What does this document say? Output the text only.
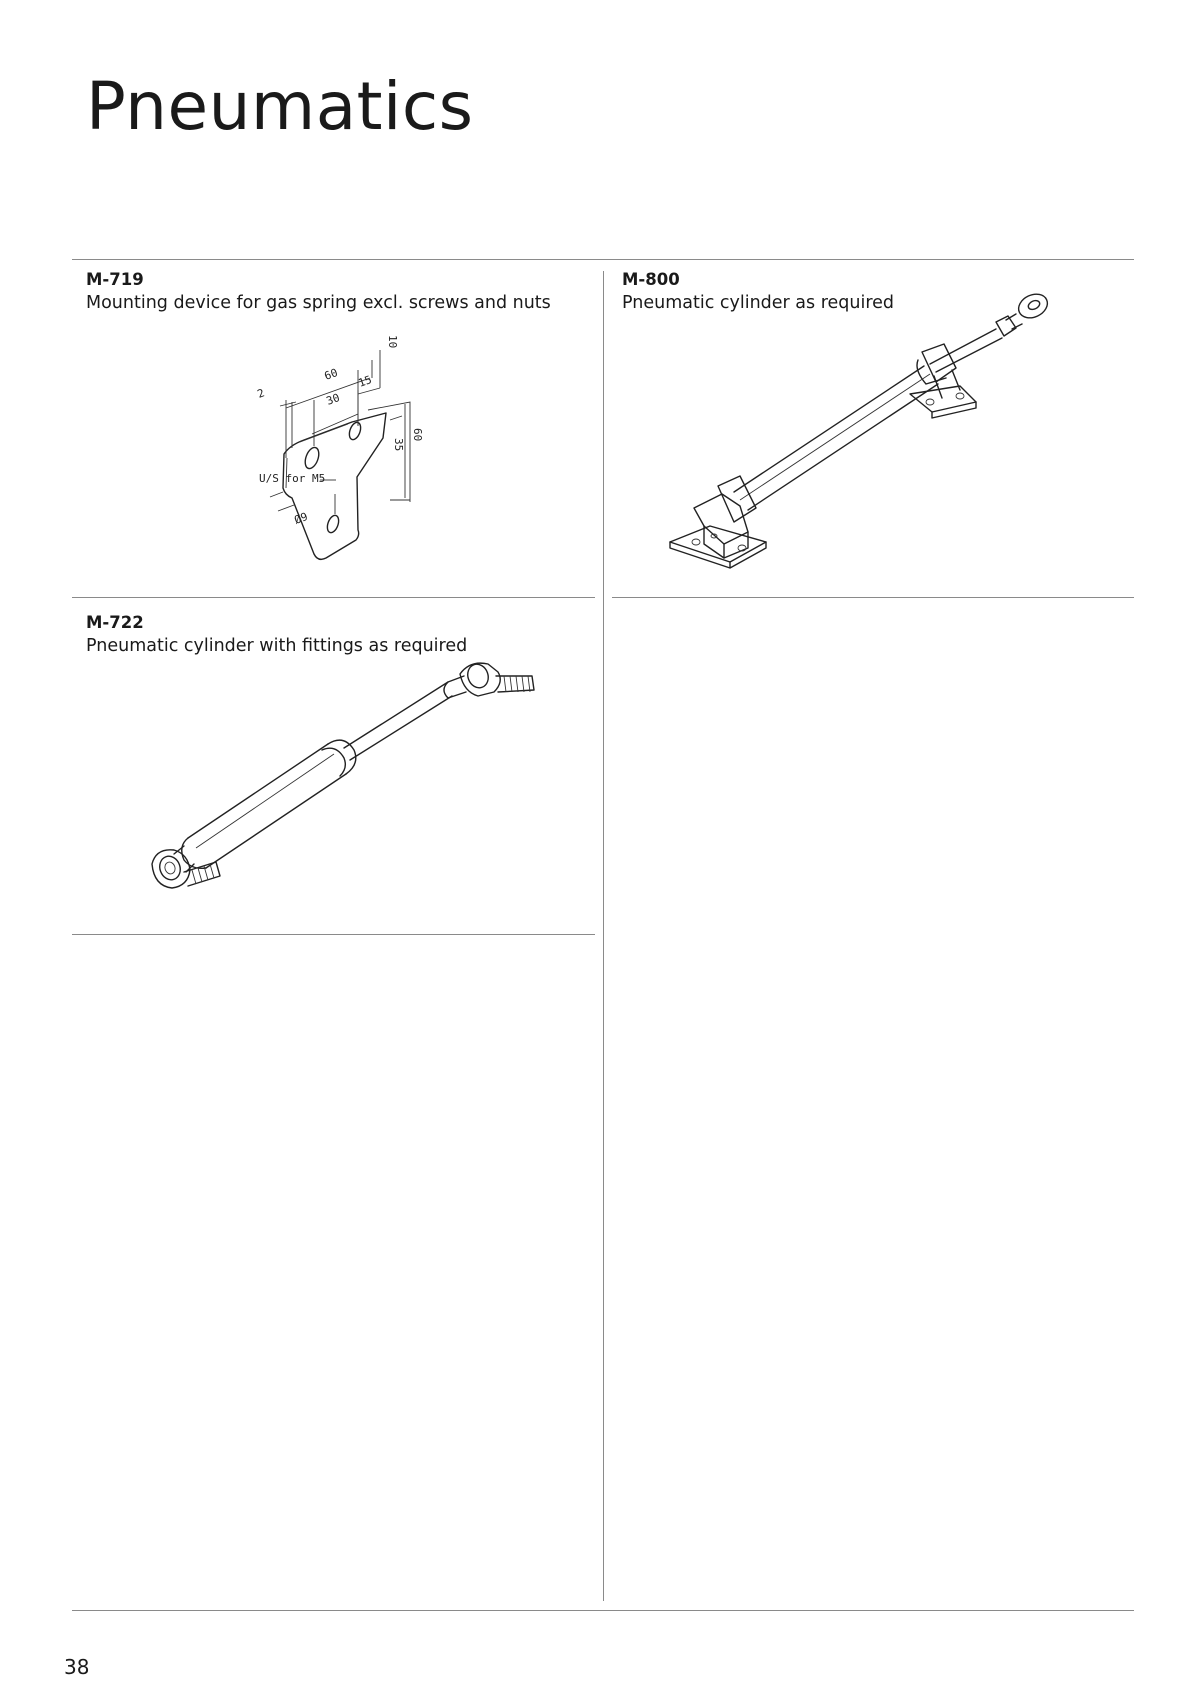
Pneumatics
M-719
Mounting device for gas spring excl. screws and nuts
2
60
30
15
10
60
35
U/S for M5
Ø9
M-800
Pneumatic cylinder as required
M-722
Pneumatic cylinder with fittings as required
38
